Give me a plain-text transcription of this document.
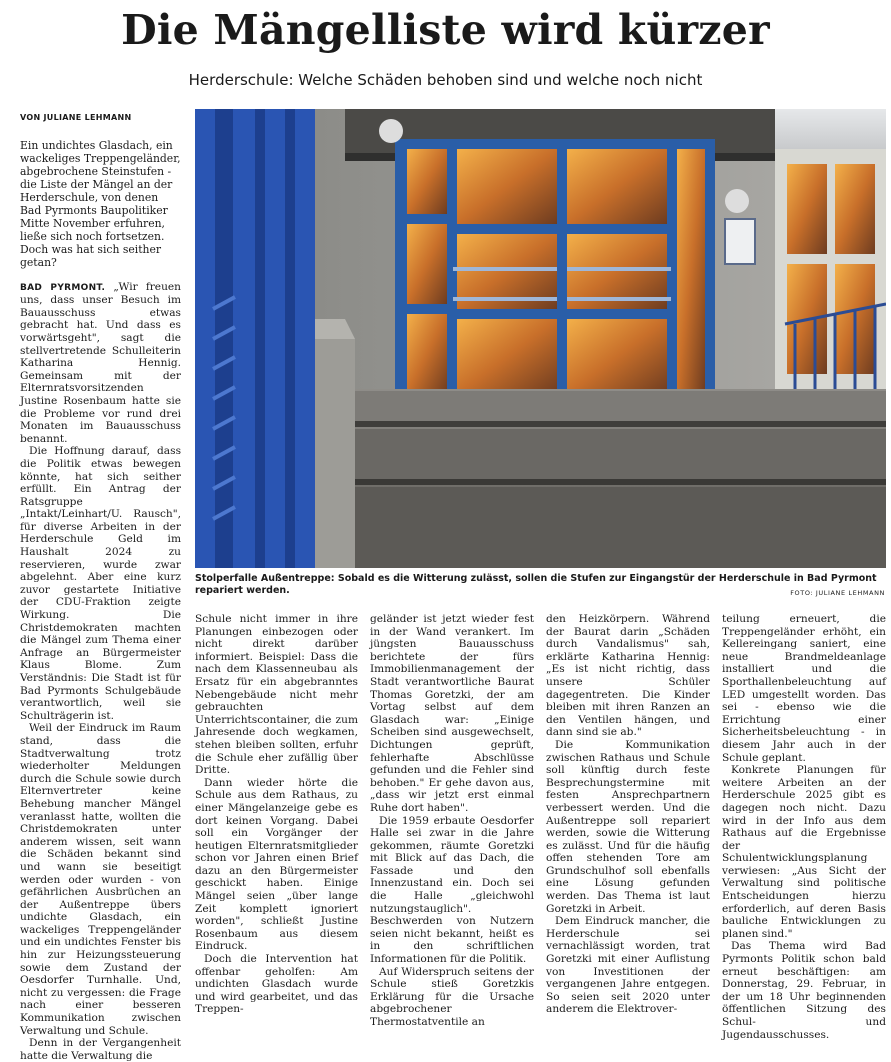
Die Mängelliste wird kürzer

Herderschule: Welche Schäden behoben sind und welche noch nicht

VON JULIANE LEHMANN
Ein undichtes Glasdach, ein wackeliges Treppengeländer, abgebrochene Steinstufen - die Liste der Mängel an der Herderschule, von denen Bad Pyrmonts Baupolitiker Mitte November erfuhren, ließe sich noch fortsetzen. Doch was hat sich seither getan?

BAD PYRMONT. „Wir freuen uns, dass unser Besuch im Bauausschuss etwas gebracht hat. Und dass es vorwärtsgeht", sagt die stellvertretende Schulleiterin Katharina Hennig. Gemeinsam mit der Elternratsvorsitzenden Justine Rosenbaum hatte sie die Probleme vor rund drei Monaten im Bauausschuss benannt.

Die Hoffnung darauf, dass die Politik etwas bewegen könnte, hat sich seither erfüllt. Ein Antrag der Ratsgruppe „Intakt/Leinhart/U. Rausch", für diverse Arbeiten in der Herderschule Geld im Haushalt 2024 zu reservieren, wurde zwar abgelehnt. Aber eine kurz zuvor gestartete Initiative der CDU-Fraktion zeigte Wirkung. Die Christdemokraten machten die Mängel zum Thema einer Anfrage an Bürgermeister Klaus Blome. Zum Verständnis: Die Stadt ist für Bad Pyrmonts Schulgebäude verantwortlich, weil sie Schulträgerin ist.

Weil der Eindruck im Raum stand, dass die Stadtverwaltung trotz wiederholter Meldungen durch die Schule sowie durch Elternvertreter keine Behebung mancher Mängel veranlasst hatte, wollten die Christdemokraten unter anderem wissen, seit wann die Schäden bekannt sind und wann sie beseitigt werden oder wurden - von gefährlichen Ausbrüchen an der Außentreppe übers undichte Glasdach, ein wackeliges Treppengeländer und ein undichtes Fenster bis hin zur Heizungssteuerung sowie dem Zustand der Oesdorfer Turnhalle. Und, nicht zu vergessen: die Frage nach einer besseren Kommunikation zwischen Verwaltung und Schule.

Denn in der Vergangenheit hatte die Verwaltung die

Stolperfalle Außentreppe: Sobald es die Witterung zulässt, sollen die Stufen zur Eingangstür der Herderschule in Bad Pyrmont repariert werden.	FOTO: JULIANE LEHMANN

Schule nicht immer in ihre Planungen einbezogen oder nicht direkt darüber informiert. Beispiel: Dass die nach dem Klassenneubau als Ersatz für ein abgebranntes Nebengebäude nicht mehr gebrauchten Unterrichtscontainer, die zum Jahresende doch wegkamen, stehen bleiben sollten, erfuhr die Schule eher zufällig über Dritte.

Dann wieder hörte die Schule aus dem Rathaus, zu einer Mängelanzeige gebe es dort keinen Vorgang. Dabei soll ein Vorgänger der heutigen Elternratsmitglieder schon vor Jahren einen Brief dazu an den Bürgermeister geschickt haben. Einige Mängel seien „über lange Zeit komplett ignoriert worden", schließt Justine Rosenbaum aus diesem Eindruck.

Doch die Intervention hat offenbar geholfen: Am undichten Glasdach wurde und wird gearbeitet, und das Treppen-

geländer ist jetzt wieder fest in der Wand verankert. Im jüngsten Bauausschuss berichtete der fürs Immobilienmanagement der Stadt verantwortliche Baurat Thomas Goretzki, der am Vortag selbst auf dem Glasdach war: „Einige Scheiben sind ausgewechselt, Dichtungen geprüft, fehlerhafte Abschlüsse gefunden und die Fehler sind behoben." Er gehe davon aus, „dass wir jetzt erst einmal Ruhe dort haben".

Die 1959 erbaute Oesdorfer Halle sei zwar in die Jahre gekommen, räumte Goretzki mit Blick auf das Dach, die Fassade und den Innenzustand ein. Doch sei die Halle „gleichwohl nutzungstauglich". Beschwerden von Nutzern seien nicht bekannt, heißt es in den schriftlichen Informationen für die Politik.

Auf Widerspruch seitens der Schule stieß Goretzkis Erklärung für die Ursache abgebrochener Thermostatventile an

den Heizkörpern. Während der Baurat darin „Schäden durch Vandalismus" sah, erklärte Katharina Hennig: „Es ist nicht richtig, dass unsere Schüler dagegentreten. Die Kinder bleiben mit ihren Ranzen an den Ventilen hängen, und dann sind sie ab."

Die Kommunikation zwischen Rathaus und Schule soll künftig durch feste Besprechungstermine mit festen Ansprechpartnern verbessert werden. Und die Außentreppe soll repariert werden, sowie die Witterung es zulässt. Und für die häufig offen stehenden Tore am Grundschulhof soll ebenfalls eine Lösung gefunden werden. Das Thema ist laut Goretzki in Arbeit.

Dem Eindruck mancher, die Herderschule sei vernachlässigt worden, trat Goretzki mit einer Auflistung von Investitionen der vergangenen Jahre entgegen. So seien seit 2020 unter anderem die Elektrover-

teilung erneuert, die Treppengeländer erhöht, ein Kellereingang saniert, eine neue Brandmeldeanlage installiert und die Sporthallenbeleuchtung auf LED umgestellt worden. Das sei - ebenso wie die Errichtung einer Sicherheitsbeleuchtung - in diesem Jahr auch in der Schule geplant.

Konkrete Planungen für weitere Arbeiten an der Herderschule 2025 gibt es dagegen noch nicht. Dazu wird in der Info aus dem Rathaus auf die Ergebnisse der Schulentwicklungsplanung verwiesen: „Aus Sicht der Verwaltung sind politische Entscheidungen hierzu erforderlich, auf deren Basis bauliche Entwicklungen zu planen sind."

Das Thema wird Bad Pyrmonts Politik schon bald erneut beschäftigen: am Donnerstag, 29. Februar, in der um 18 Uhr beginnenden öffentlichen Sitzung des Schul- und Jugendausschusses.
